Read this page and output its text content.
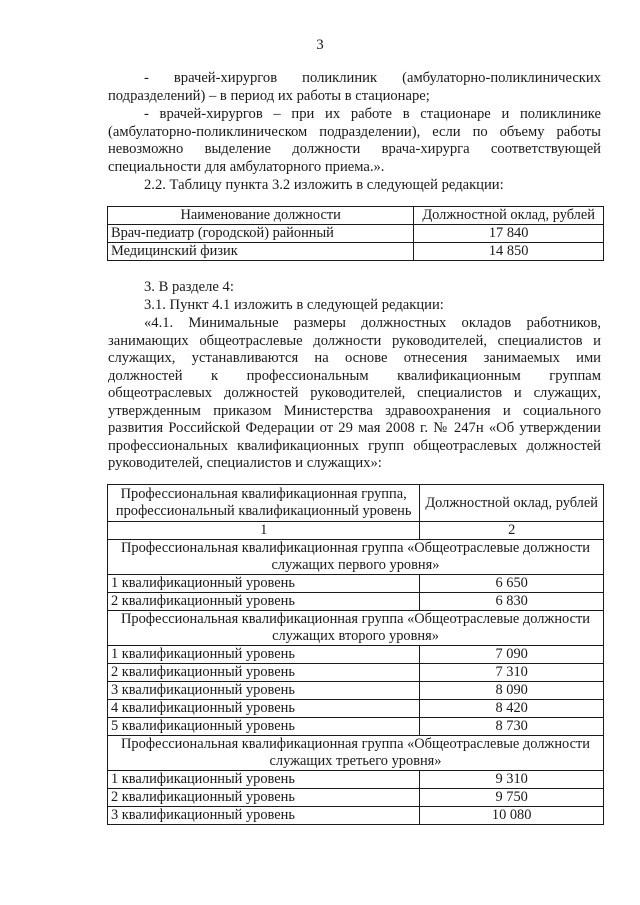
3

- врачей-хирургов поликлиник (амбулаторно-поликлинических подразделений) – в период их работы в стационаре;

- врачей-хирургов – при их работе в стационаре и поликлинике (амбулаторно-поликлиническом подразделении), если по объему работы невозможно выделение должности врача-хирурга соответствующей специальности для амбулаторного приема.».

2.2. Таблицу пункта 3.2 изложить в следующей редакции:

Наименование должности	Должностной оклад, рублей
Врач-педиатр (городской) районный	17 840
Медицинский физик	14 850

3. В разделе 4:

3.1. Пункт 4.1 изложить в следующей редакции:

«4.1. Минимальные размеры должностных окладов работников, занимающих общеотраслевые должности руководителей, специалистов и служащих, устанавливаются на основе отнесения занимаемых ими должностей к профессиональным квалификационным группам общеотраслевых должностей руководителей, специалистов и служащих, утвержденным приказом Министерства здравоохранения и социального развития Российской Федерации от 29 мая 2008 г. № 247н «Об утверждении профессиональных квалификационных групп общеотраслевых должностей руководителей, специалистов и служащих»:

Профессиональная квалификационная группа, профессиональный квалификационный уровень	Должностной оклад, рублей
1	2
Профессиональная квалификационная группа «Общеотраслевые должности служащих первого уровня»	
1 квалификационный уровень	6 650
2 квалификационный уровень	6 830
Профессиональная квалификационная группа «Общеотраслевые должности служащих второго уровня»	
1 квалификационный уровень	7 090
2 квалификационный уровень	7 310
3 квалификационный уровень	8 090
4 квалификационный уровень	8 420
5 квалификационный уровень	8 730
Профессиональная квалификационная группа «Общеотраслевые должности служащих третьего уровня»	
1 квалификационный уровень	9 310
2 квалификационный уровень	9 750
3 квалификационный уровень	10 080
